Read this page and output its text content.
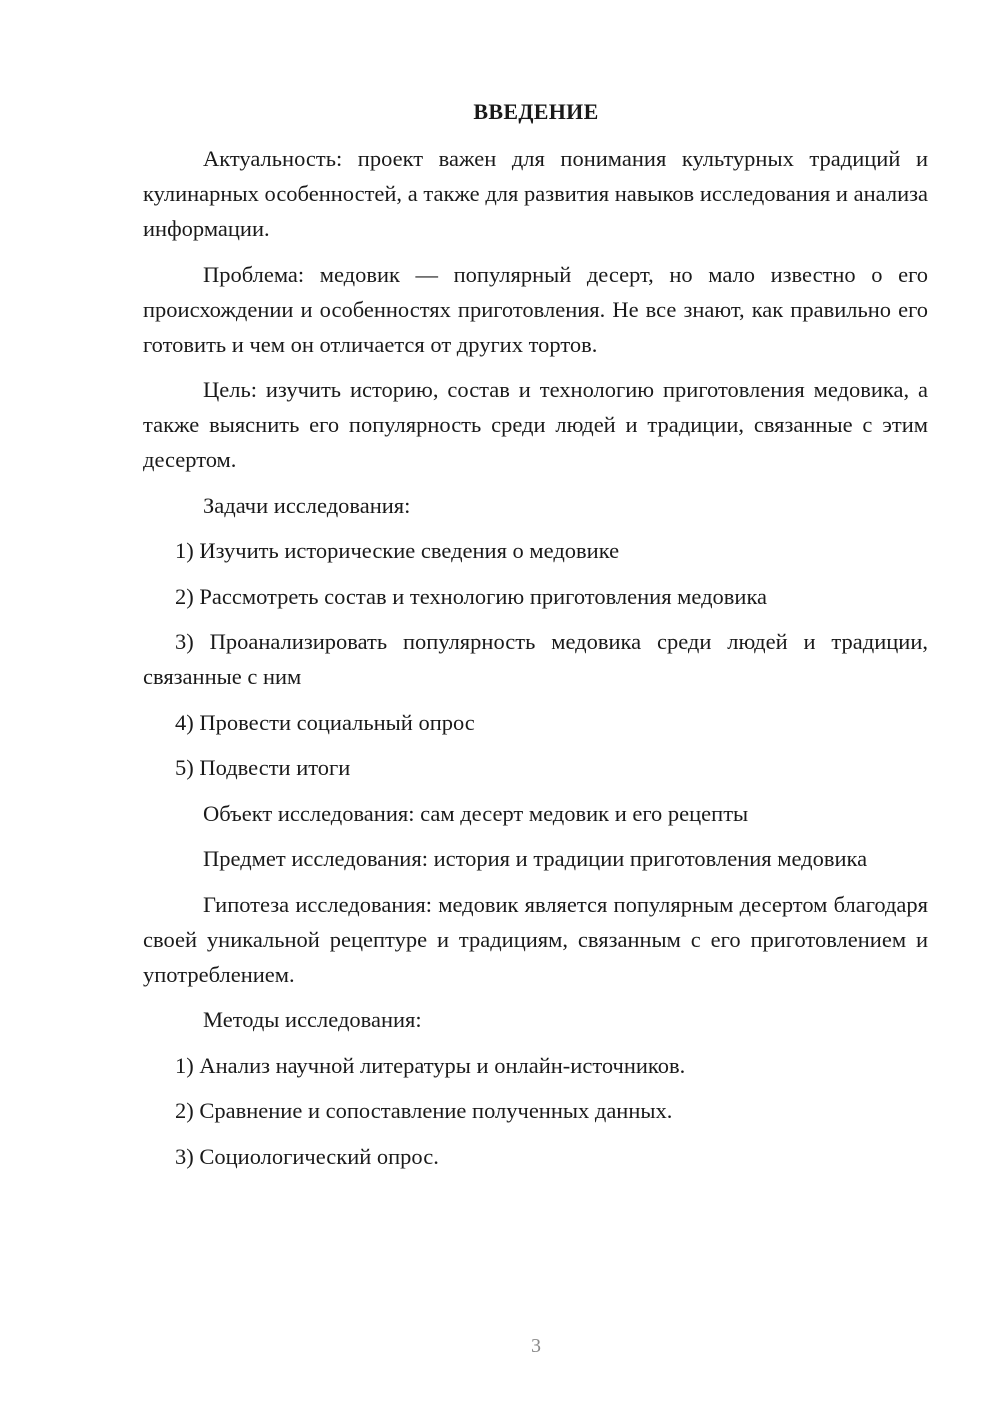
ВВЕДЕНИЕ

Актуальность: проект важен для понимания культурных традиций и кулинарных особенностей, а также для развития навыков исследования и анализа информации.

Проблема: медовик — популярный десерт, но мало известно о его происхождении и особенностях приготовления. Не все знают, как правильно его готовить и чем он отличается от других тортов.

Цель: изучить историю, состав и технологию приготовления медовика, а также выяснить его популярность среди людей и традиции, связанные с этим десертом.

Задачи исследования:

1) Изучить исторические сведения о медовике

2) Рассмотреть состав и технологию приготовления медовика

3) Проанализировать популярность медовика среди людей и традиции, связанные с ним

4) Провести социальный опрос

5) Подвести итоги

Объект исследования: сам десерт медовик и его рецепты

Предмет исследования: история и традиции приготовления медовика

Гипотеза исследования: медовик является популярным десертом благодаря своей уникальной рецептуре и традициям, связанным с его приготовлением и употреблением.

Методы исследования:

1) Анализ научной литературы и онлайн-источников.

2) Сравнение и сопоставление полученных данных.

3) Социологический опрос.

3
